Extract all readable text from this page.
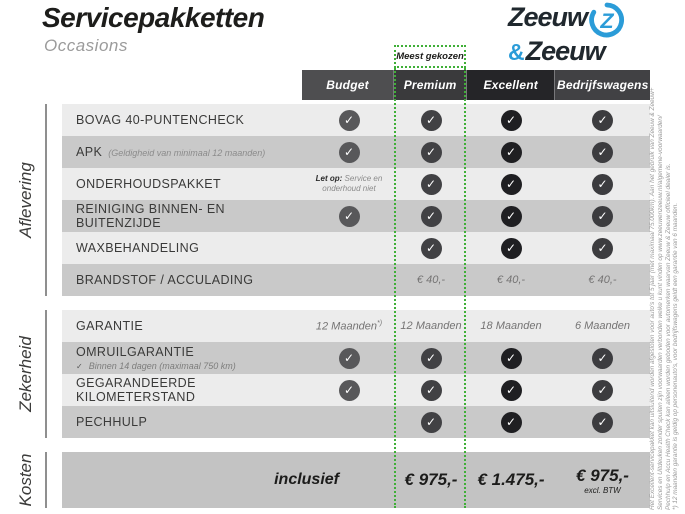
Servicepakketten
Occasions
Zeeuw Z
& Zeeuw
Aflevering
Zekerheid
Kosten
Meest gekozen
Budget	Premium	Excellent	Bedrijfswagens
BOVAG 40-PUNTENCHECK	✓	✓	✓	✓
APK (Geldigheid van minimaal 12 maanden)	✓	✓	✓	✓
ONDERHOUDSPAKKET	Let op: Service en onderhoud niet	✓	✓	✓
REINIGING BINNEN- EN BUITENZIJDE	✓	✓	✓	✓
WAXBEHANDELING	✓	✓	✓
BRANDSTOF / ACCULADING	€ 40,-	€ 40,-	€ 40,-
GARANTIE	12 Maanden*) 12 Maanden 18 Maanden	6 Maanden
OMRUILGARANTIE
✓ Binnen 14 dagen (maximaal 750 km)
✓	✓	✓	✓
GEGARANDEERDE KILOMETERSTAND	✓	✓	✓	✓
PECHHULP	✓	✓	✓
inclusief	€ 975,- € 1.475,- € 975,-
excl. BTW	Het Excellent-servicepakket kan uitsluitend worden afgesloten voor auto's tot 5 jaar (met maximaal 75.000km). Aan het gebruik van Zeeuw & Zeeuw+ Services en Uitdeuken zonder spuiten zijn voorwaarden verbonden welke u kunt vinden op www.zeeuwenzeeuw.nl/algemene-voorwaarden/ Pechhulp en Accu Health Check kan alleen worden geboden voor automerken waarvan Zeeuw & Zeeuw officieel dealer is. *) 12 maanden garantie is geldig op personenauto's, voor bedrijfswagens geldt een garantie van 6 maanden.
